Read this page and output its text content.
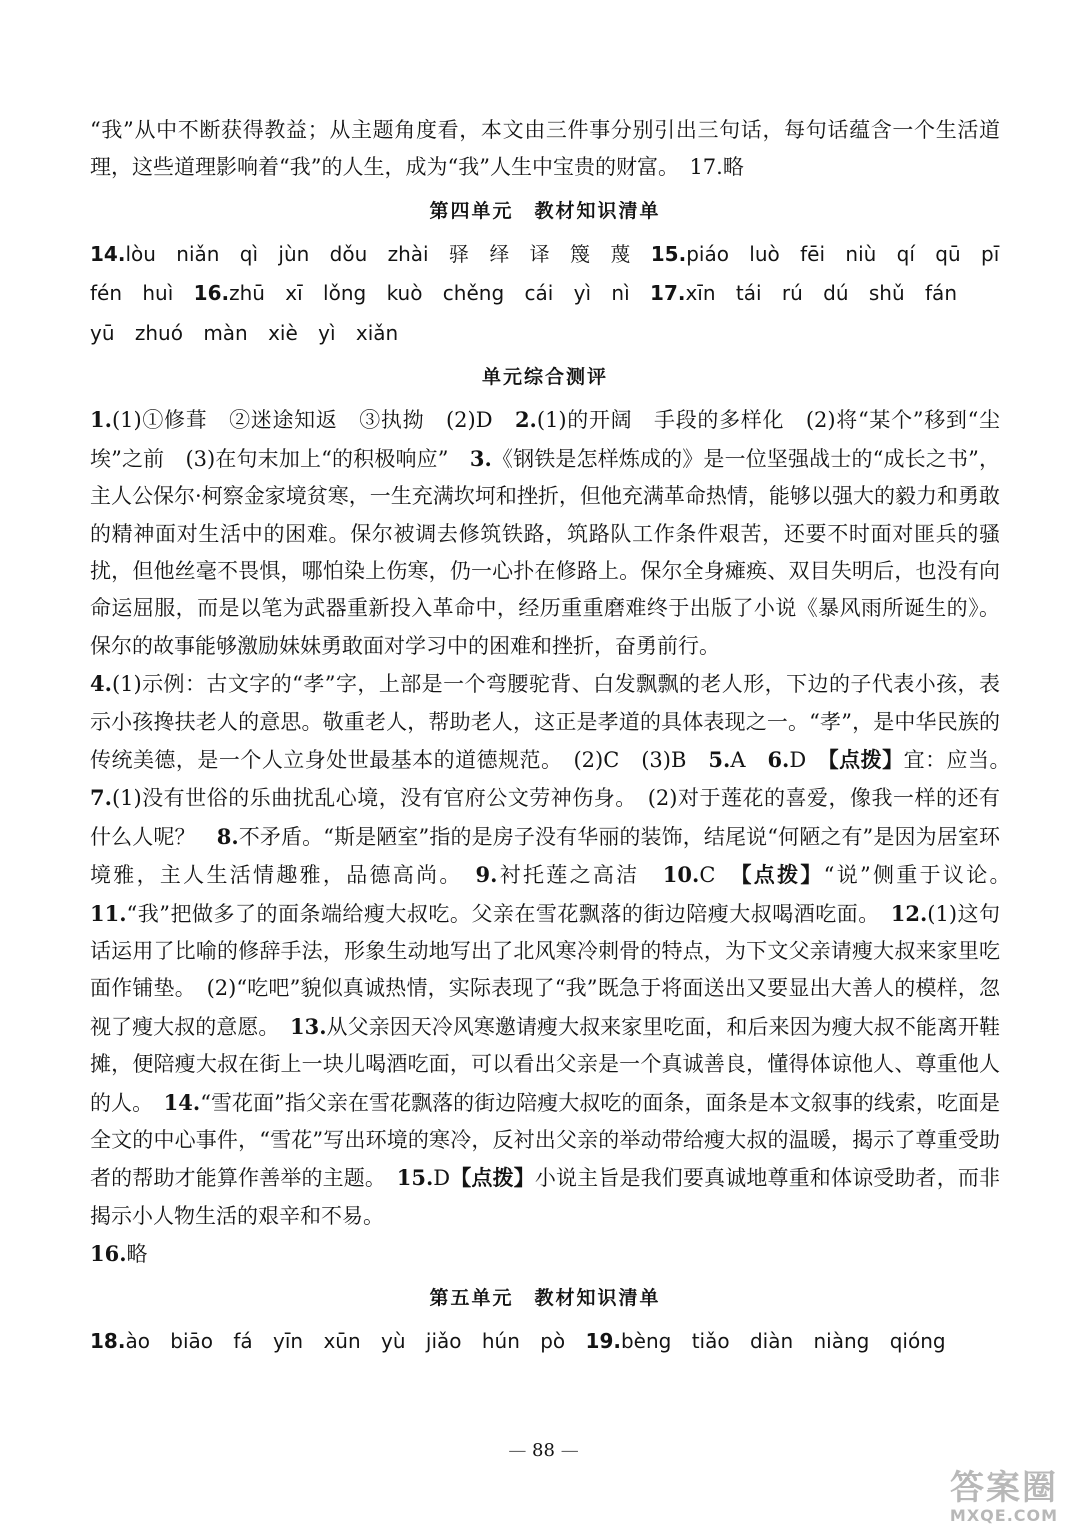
“我”从中不断获得教益；从主题角度看，本文由三件事分别引出三句话，每句话蕴含一个生活道理，这些道理影响着“我”的人生，成为“我”人生中宝贵的财富。　17.略

第四单元　教材知识清单

14.lòu niǎn qì jùn dǒu zhài 驿 绎 译 篾 蔑 15.piáo luò fēi niù qí qū pī fén huì 16.zhū xī lǒng kuò chěng cái yì nì 17.xīn tái rú dú shǔ fán yū zhuó màn xiè yì xiǎn

单元综合测评

1.(1)①修葺　②迷途知返　③执拗　(2)D　2.(1)的开阔　手段的多样化　(2)将“某个”移到“尘埃”之前　(3)在句末加上“的积极响应”　3.《钢铁是怎样炼成的》是一位坚强战士的“成长之书”，主人公保尔·柯察金家境贫寒，一生充满坎坷和挫折，但他充满革命热情，能够以强大的毅力和勇敢的精神面对生活中的困难。保尔被调去修筑铁路，筑路队工作条件艰苦，还要不时面对匪兵的骚扰，但他丝毫不畏惧，哪怕染上伤寒，仍一心扑在修路上。保尔全身瘫痪、双目失明后，也没有向命运屈服，而是以笔为武器重新投入革命中，经历重重磨难终于出版了小说《暴风雨所诞生的》。保尔的故事能够激励妹妹勇敢面对学习中的困难和挫折，奋勇前行。

4.(1)示例：古文字的“孝”字，上部是一个弯腰驼背、白发飘飘的老人形，下边的子代表小孩，表示小孩搀扶老人的意思。敬重老人，帮助老人，这正是孝道的具体表现之一。“孝”，是中华民族的传统美德，是一个人立身处世最基本的道德规范。　(2)C　(3)B　5.A　6.D　【点拨】宜：应当。　7.(1)没有世俗的乐曲扰乱心境，没有官府公文劳神伤身。　(2)对于莲花的喜爱，像我一样的还有什么人呢？　8.不矛盾。“斯是陋室”指的是房子没有华丽的装饰，结尾说“何陋之有”是因为居室环境雅，主人生活情趣雅，品德高尚。　9.衬托莲之高洁　10.C　【点拨】“说”侧重于议论。　11.“我”把做多了的面条端给瘦大叔吃。父亲在雪花飘落的街边陪瘦大叔喝酒吃面。　12.(1)这句话运用了比喻的修辞手法，形象生动地写出了北风寒冷刺骨的特点，为下文父亲请瘦大叔来家里吃面作铺垫。　(2)“吃吧”貌似真诚热情，实际表现了“我”既急于将面送出又要显出大善人的模样，忽视了瘦大叔的意愿。　13.从父亲因天冷风寒邀请瘦大叔来家里吃面，和后来因为瘦大叔不能离开鞋摊，便陪瘦大叔在街上一块儿喝酒吃面，可以看出父亲是一个真诚善良，懂得体谅他人、尊重他人的人。　14.“雪花面”指父亲在雪花飘落的街边陪瘦大叔吃的面条，面条是本文叙事的线索，吃面是全文的中心事件，“雪花”写出环境的寒冷，反衬出父亲的举动带给瘦大叔的温暖，揭示了尊重受助者的帮助才能算作善举的主题。　15.D【点拨】小说主旨是我们要真诚地尊重和体谅受助者，而非揭示小人物生活的艰辛和不易。

16.略

第五单元　教材知识清单

18.ào biāo fá yīn xūn yù jiǎo hún pò 19.bèng tiǎo diàn niàng qióng

— 88 —
答案圈
MXQE.COM
